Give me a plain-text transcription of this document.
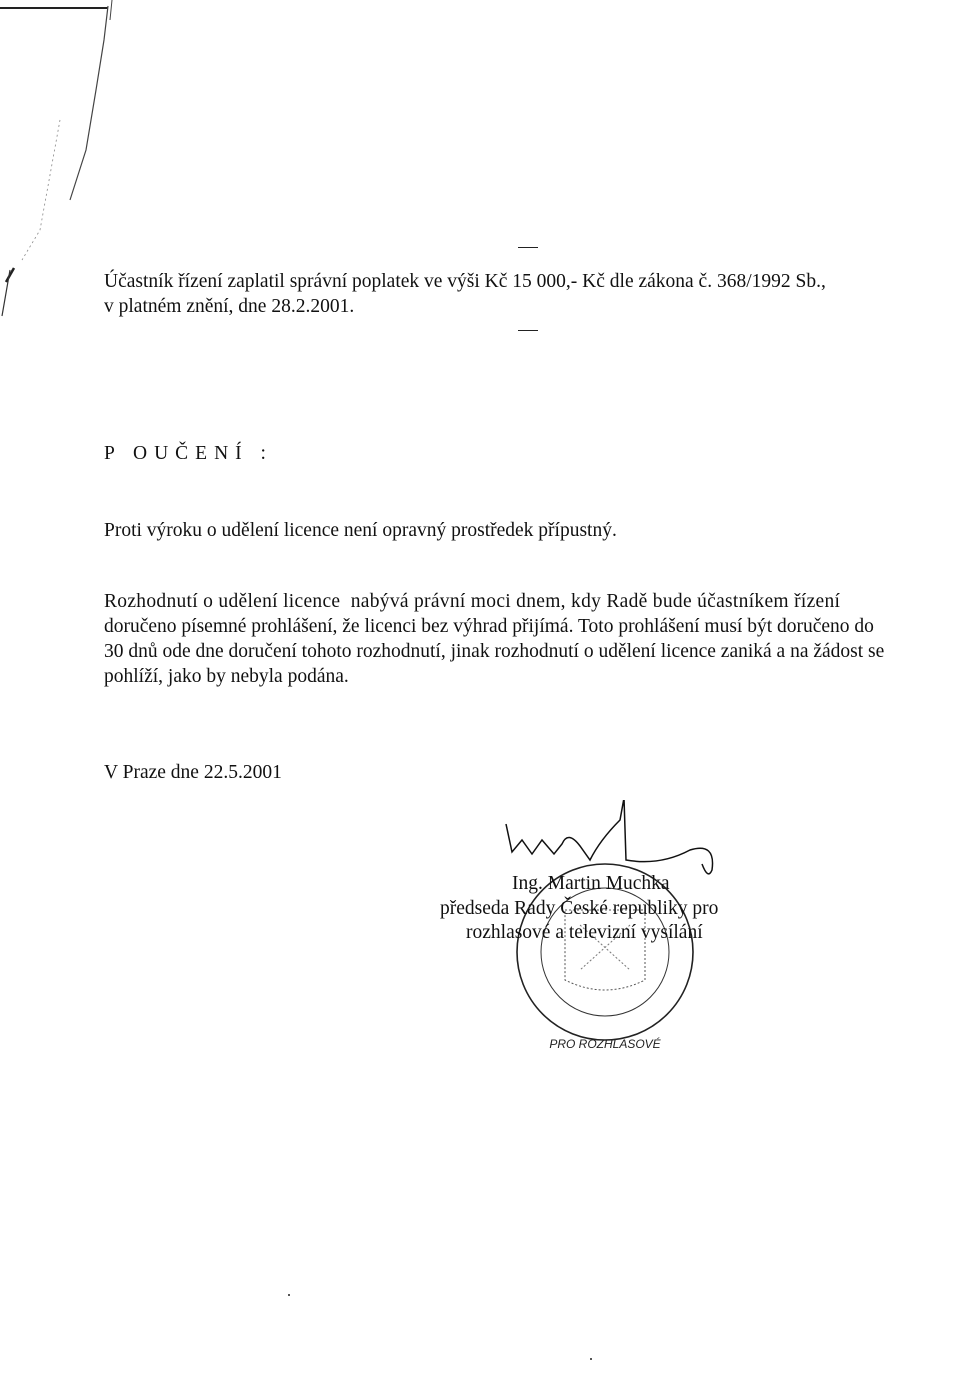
Účastník řízení zaplatil správní poplatek ve výši Kč 15 000,- Kč dle zákona č. 368/1992 Sb.,
v platném znění, dne 28.2.2001.
P OUČENÍ :
Proti výroku o udělení licence není opravný prostředek přípustný.
Rozhodnutí o udělení licence  nabývá právní moci dnem, kdy Radě bude účastníkem řízení
doručeno písemné prohlášení, že licenci bez výhrad přijímá. Toto prohlášení musí být doručeno do
30 dnů ode dne doručení tohoto rozhodnutí, jinak rozhodnutí o udělení licence zaniká a na žádost se
pohlíží, jako by nebyla podána.
V Praze dne 22.5.2001
PRO ROZHLASOVÉ
Ing. Martin Muchka
předseda Rady České republiky pro
rozhlasové a televizní vysílání
